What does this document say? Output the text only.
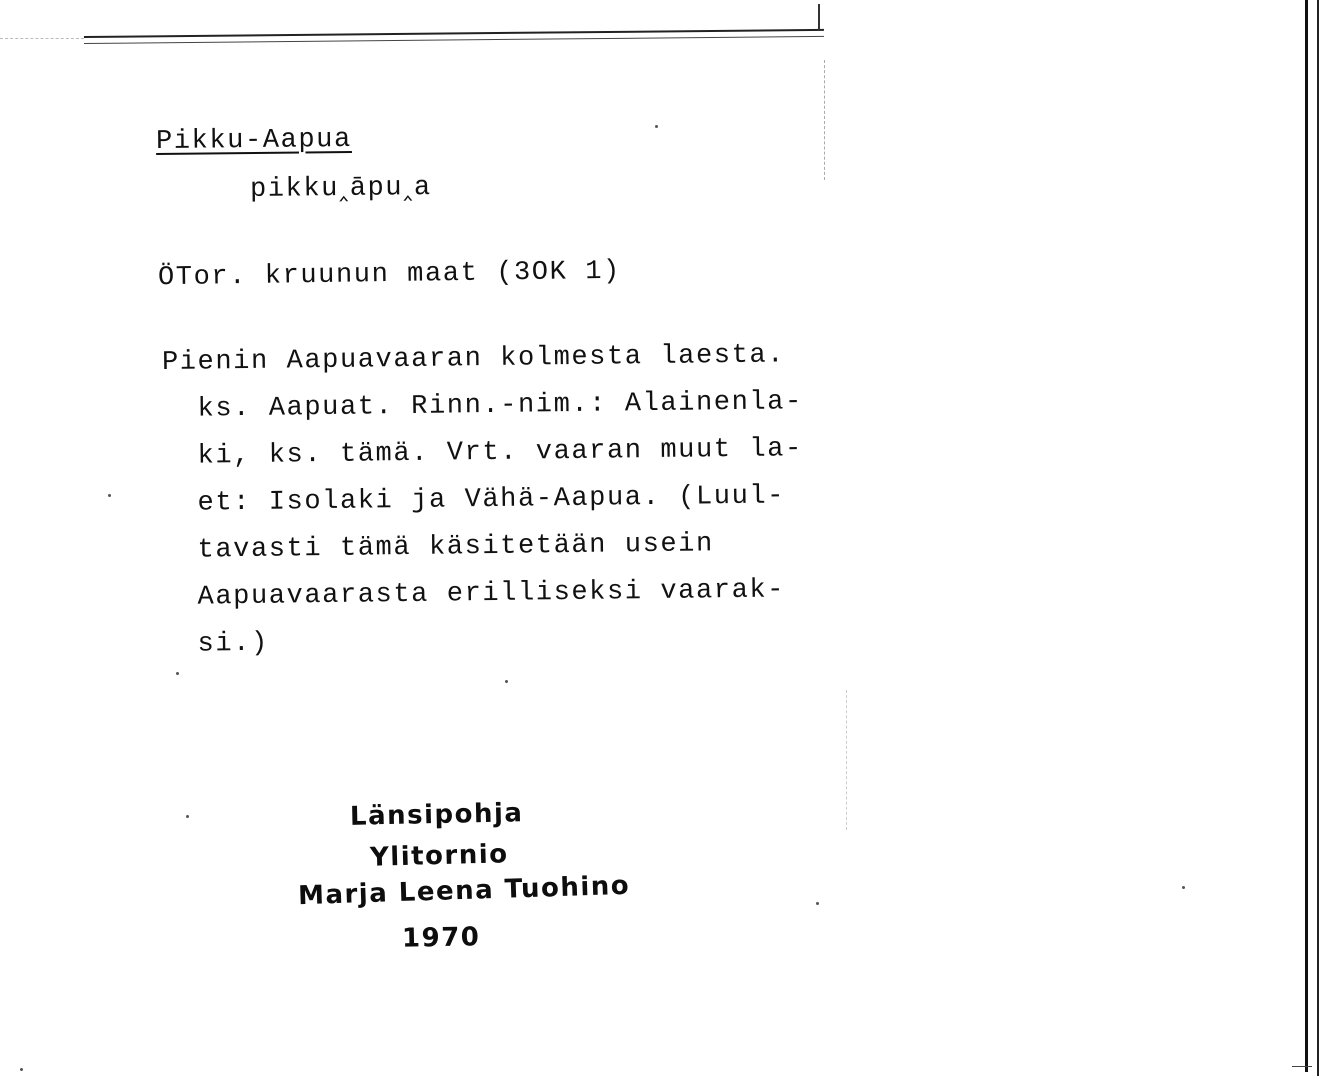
Pikku-Aapua
pikku‸āpu‸a
ÖTor. kruunun maat (3OK 1)
Pienin Aapuavaaran kolmesta laesta.
ks. Aapuat. Rinn.-nim.: Alainenla-
ki, ks. tämä. Vrt. vaaran muut la-
et: Isolaki ja Vähä-Aapua. (Luul-
tavasti tämä käsitetään usein
Aapuavaarasta erilliseksi vaarak-
si.)
Länsipohja
Ylitornio
Marja Leena Tuohino
1970
